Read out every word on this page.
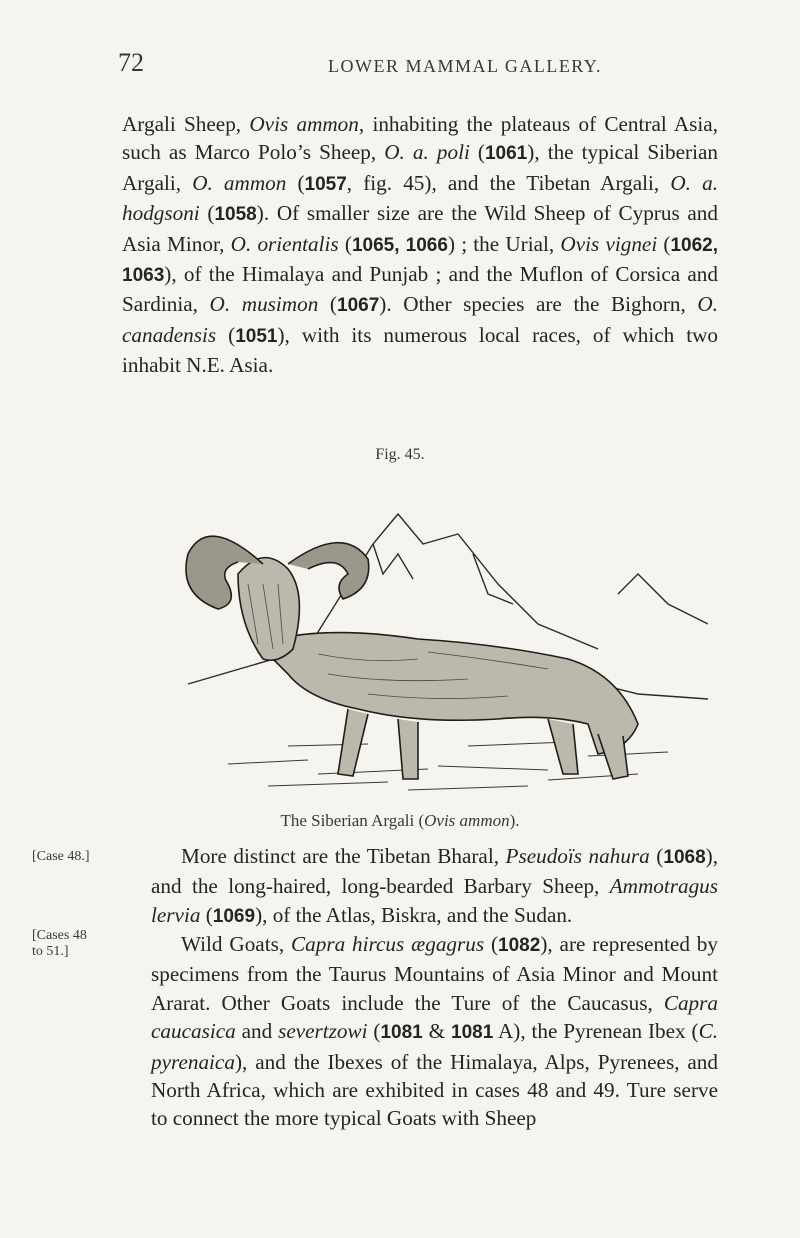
72	LOWER MAMMAL GALLERY.

Argali Sheep, Ovis ammon, inhabiting the plateaus of Central Asia, such as Marco Polo’s Sheep, O. a. poli (1061), the typical Siberian Argali, O. ammon (1057, fig. 45), and the Tibetan Argali, O. a. hodgsoni (1058). Of smaller size are the Wild Sheep of Cyprus and Asia Minor, O. orientalis (1065, 1066) ; the Urial, Ovis vignei (1062, 1063), of the Himalaya and Punjab ; and the Muflon of Corsica and Sardinia, O. musimon (1067). Other species are the Bighorn, O. canadensis (1051), with its numerous local races, of which two inhabit N.E. Asia.

Fig. 45.
The Siberian Argali (Ovis ammon).
[Case 48.]
[Cases 48 to 51.]

More distinct are the Tibetan Bharal, Pseudoïs nahura (1068), and the long-haired, long-bearded Barbary Sheep, Ammotragus lervia (1069), of the Atlas, Biskra, and the Sudan.

Wild Goats, Capra hircus ægagrus (1082), are represented by specimens from the Taurus Mountains of Asia Minor and Mount Ararat. Other Goats include the Ture of the Caucasus, Capra caucasica and severtzowi (1081 & 1081 A), the Pyrenean Ibex (C. pyrenaica), and the Ibexes of the Himalaya, Alps, Pyrenees, and North Africa, which are exhibited in cases 48 and 49. Ture serve to connect the more typical Goats with Sheep
